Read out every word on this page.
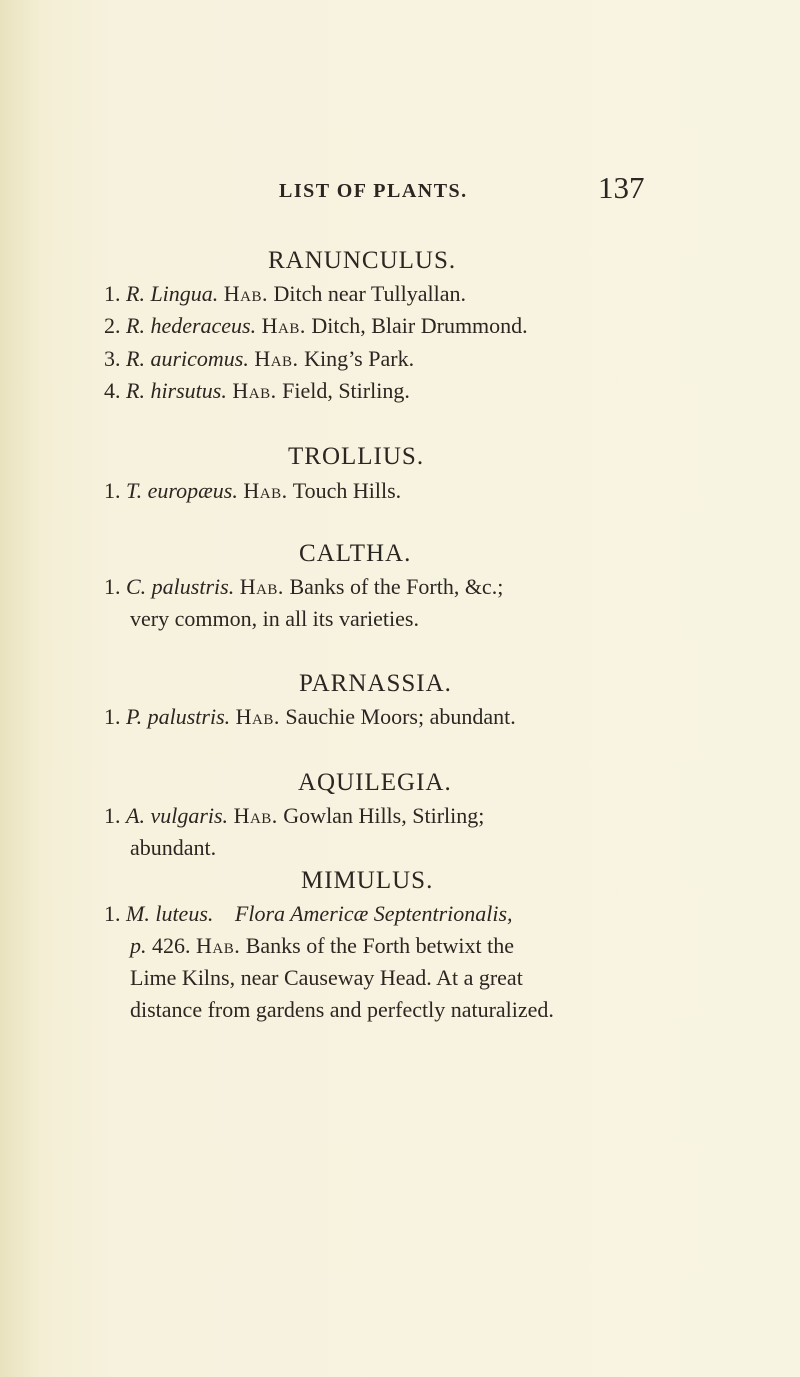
LIST OF PLANTS.	137
RANUNCULUS.
1. R. Lingua. Hab. Ditch near Tullyallan.
2. R. hederaceus. Hab. Ditch, Blair Drummond.
3. R. auricomus. Hab. King’s Park.
4. R. hirsutus. Hab. Field, Stirling.
TROLLIUS.
1. T. europæus. Hab. Touch Hills.
CALTHA.
1. C. palustris. Hab. Banks of the Forth, &c.;
very common, in all its varieties.
PARNASSIA.
1. P. palustris. Hab. Sauchie Moors; abundant.
AQUILEGIA.
1. A. vulgaris. Hab. Gowlan Hills, Stirling;
abundant.
MIMULUS.
1. M. luteus. Flora Americæ Septentrionalis,
p. 426. Hab. Banks of the Forth betwixt the
Lime Kilns, near Causeway Head. At a great
distance from gardens and perfectly naturalized.
